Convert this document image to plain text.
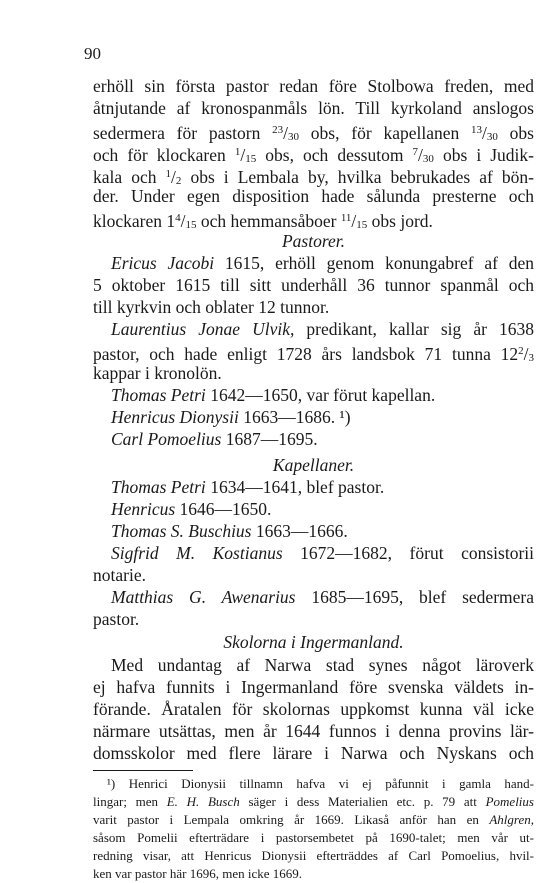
90
erhöll sin första pastor redan före Stolbowa freden, med
åtnjutande af kronospanmåls lön. Till kyrkoland anslogos
sedermera för pastorn $^{23}/_{30}$ obs, för kapellanen $^{13}/_{30}$ obs
och för klockaren $^1/_{15}$ obs, och dessutom $^7/_{30}$ obs i Judik-
kala och $^1/_2$ obs i Lembala by, hvilka bebrukades af bön-
der. Under egen disposition hade sålunda presterne och
klockaren $1^4/_{15}$ och hemmansåboer $^{11}/_{15}$ obs jord.
Pastorer.
Ericus Jacobi 1615, erhöll genom konungabref af den
5 oktober 1615 till sitt underhåll 36 tunnor spanmål och
till kyrkvin och oblater 12 tunnor.
Laurentius Jonae Ulvik, predikant, kallar sig år 1638
pastor, och hade enligt 1728 års landsbok 71 tunna $12^2/_3$
kappar i kronolön.
Thomas Petri 1642—1650, var förut kapellan.
Henricus Dionysii 1663—1686. ¹)
Carl Pomoelius 1687—1695.
Kapellaner.
Thomas Petri 1634—1641, blef pastor.
Henricus 1646—1650.
Thomas S. Buschius 1663—1666.
Sigfrid M. Kostianus 1672—1682, förut consistorii
notarie.
Matthias G. Awenarius 1685—1695, blef sedermera
pastor.
Skolorna i Ingermanland.
Med undantag af Narwa stad synes något läroverk
ej hafva funnits i Ingermanland före svenska väldets in-
förande. Åratalen för skolornas uppkomst kunna väl icke
närmare utsättas, men år 1644 funnos i denna provins lär-
domsskolor med flere lärare i Narwa och Nyskans och
¹) Henrici Dionysii tillnamn hafva vi ej påfunnit i gamla hand-
lingar; men E. H. Busch säger i dess Materialien etc. p. 79 att Pomelius
varit pastor i Lempala omkring år 1669. Likaså anför han en Ahlgren,
såsom Pomelii efterträdare i pastorsembetet på 1690-talet; men vår ut-
redning visar, att Henricus Dionysii efterträddes af Carl Pomoelius, hvil-
ken var pastor här 1696, men icke 1669.
